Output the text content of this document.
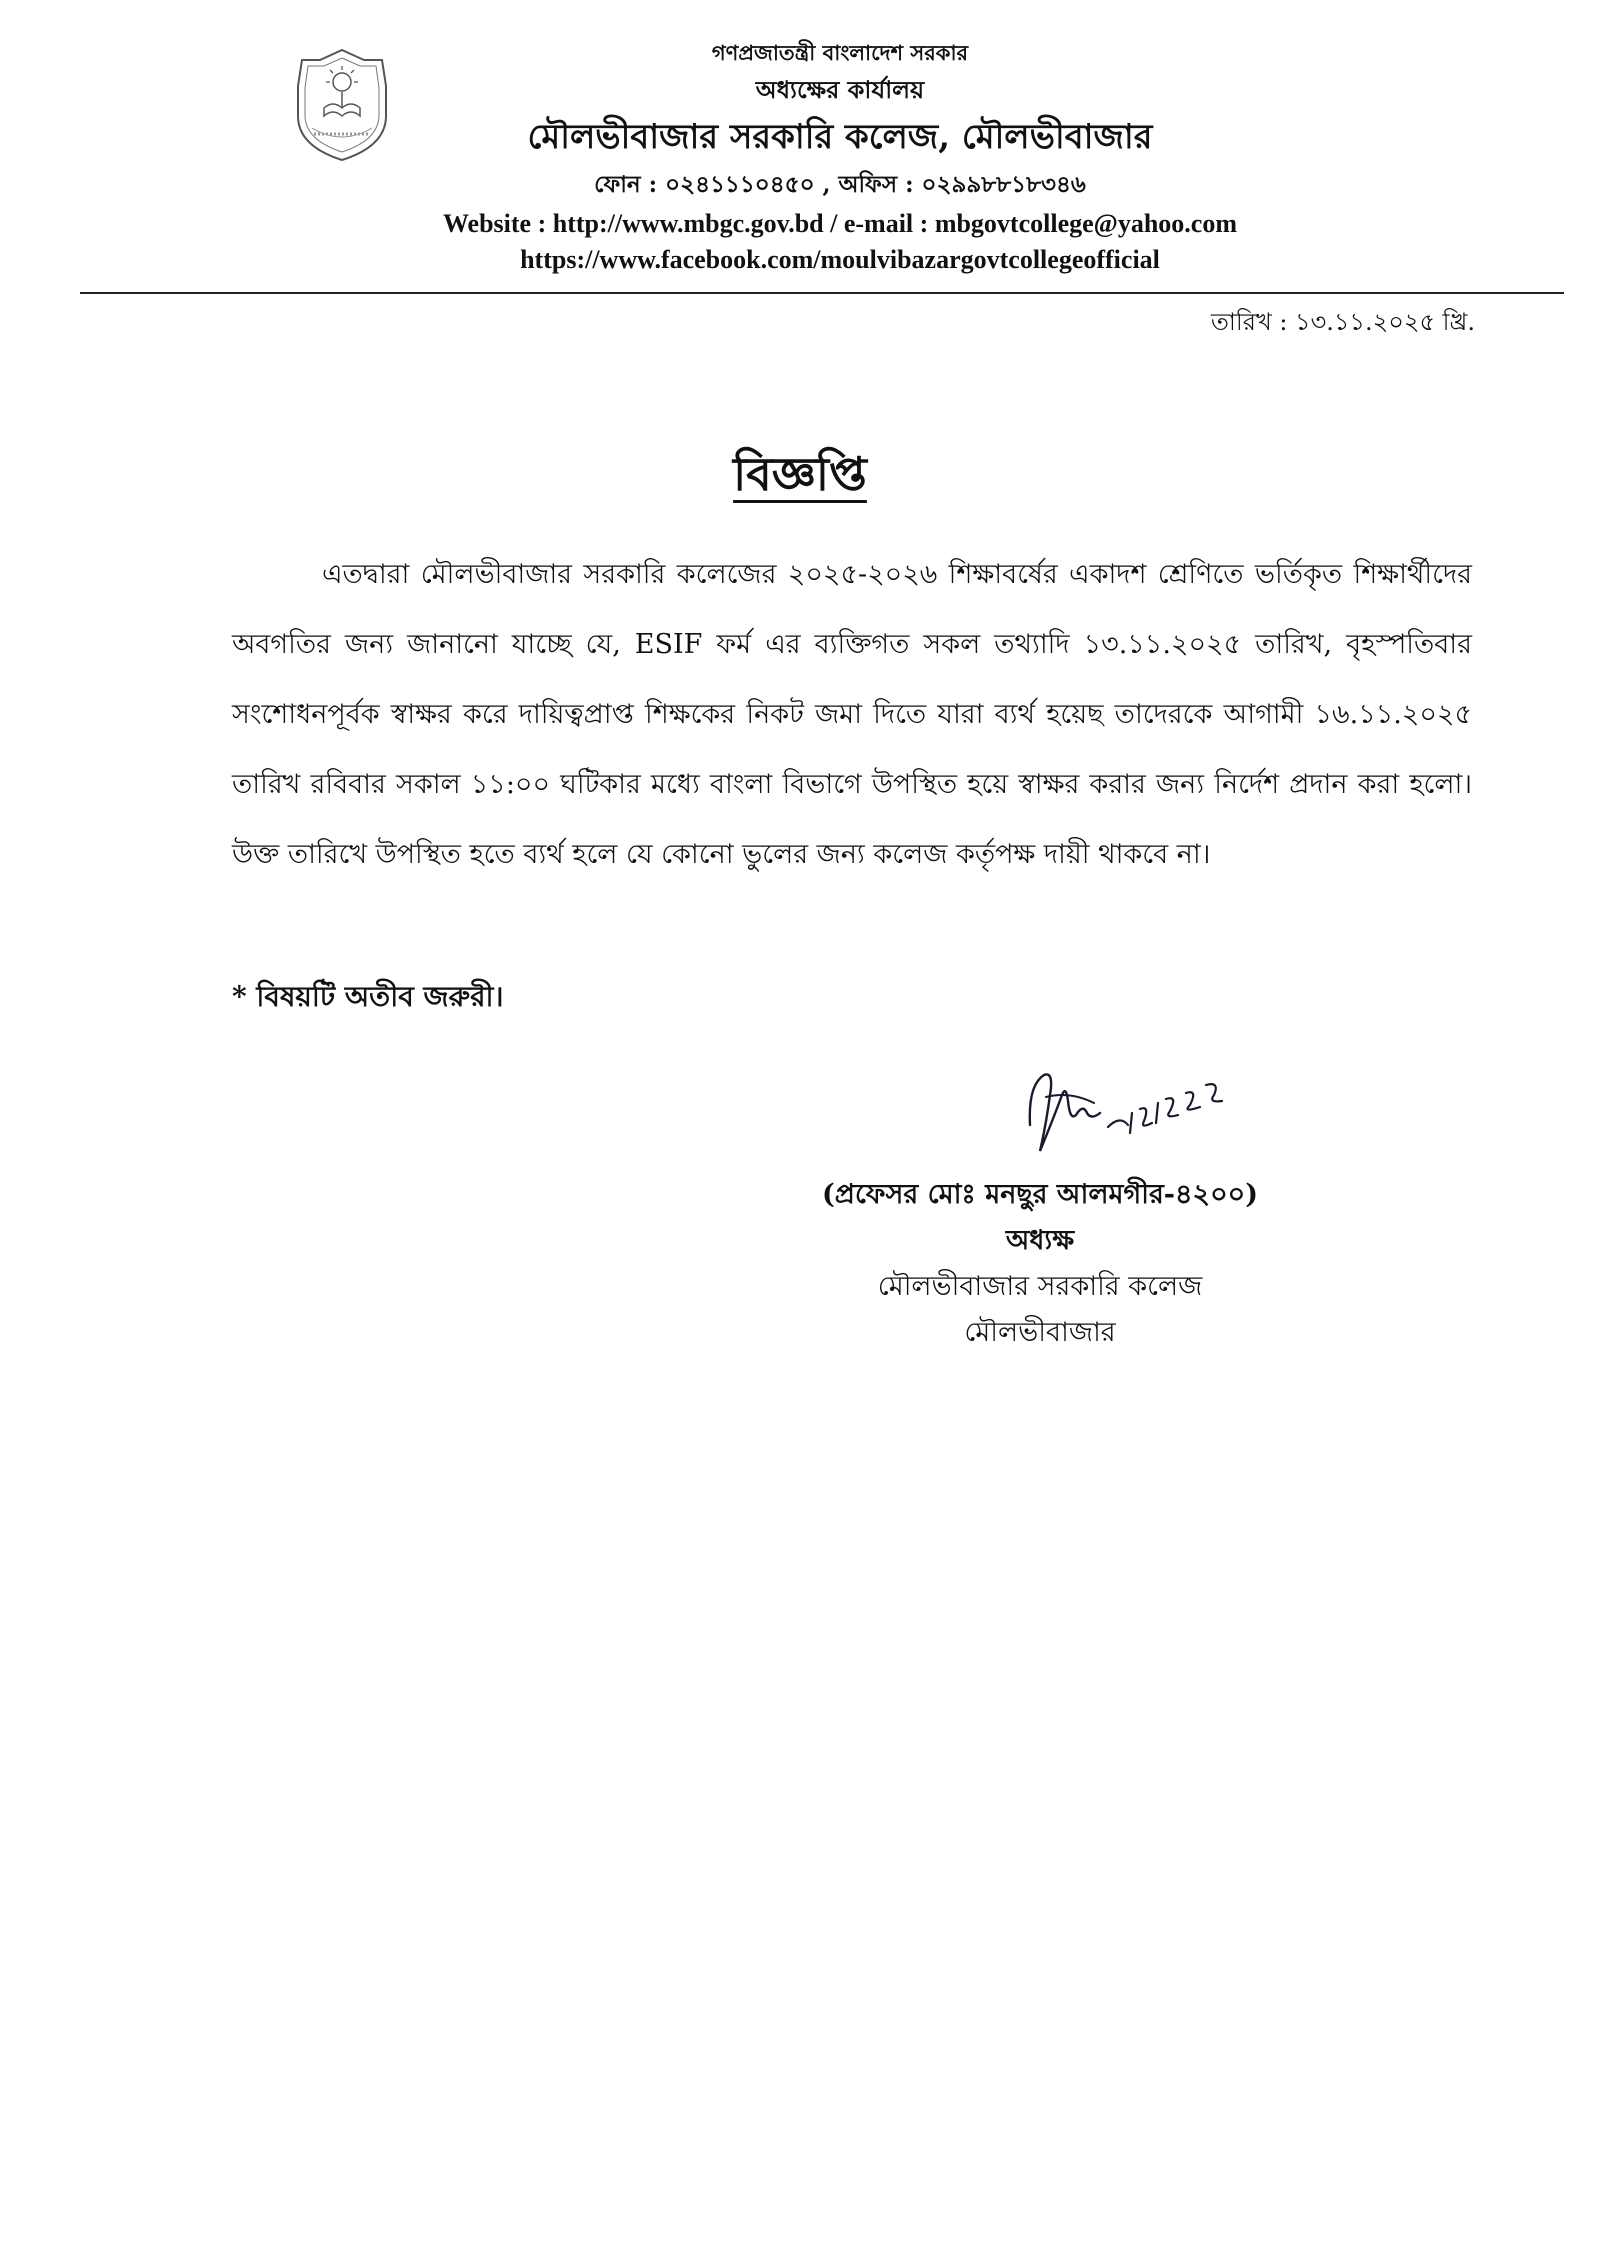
গণপ্রজাতন্ত্রী বাংলাদেশ সরকার
অধ্যক্ষের কার্যালয়
মৌলভীবাজার সরকারি কলেজ, মৌলভীবাজার
ফোন : ০২৪১১১০৪৫০ , অফিস : ০২৯৯৮৮১৮৩৪৬
Website : http://www.mbgc.gov.bd / e-mail : mbgovtcollege@yahoo.com
https://www.facebook.com/moulvibazargovtcollegeofficial
তারিখ : ১৩.১১.২০২৫ খ্রি.
বিজ্ঞপ্তি

এতদ্বারা মৌলভীবাজার সরকারি কলেজের ২০২৫-২০২৬ শিক্ষাবর্ষের একাদশ শ্রেণিতে ভর্তিকৃত শিক্ষার্থীদের অবগতির জন্য জানানো যাচ্ছে যে, ESIF ফর্ম এর ব্যক্তিগত সকল তথ্যাদি ১৩.১১.২০২৫ তারিখ, বৃহস্পতিবার সংশোধনপূর্বক স্বাক্ষর করে দায়িত্বপ্রাপ্ত শিক্ষকের নিকট জমা দিতে যারা ব্যর্থ হয়েছ তাদেরকে আগামী ১৬.১১.২০২৫ তারিখ রবিবার সকাল ১১:০০ ঘটিকার মধ্যে বাংলা বিভাগে উপস্থিত হয়ে স্বাক্ষর করার জন্য নির্দেশ প্রদান করা হলো। উক্ত তারিখে উপস্থিত হতে ব্যর্থ হলে যে কোনো ভুলের জন্য কলেজ কর্তৃপক্ষ দায়ী থাকবে না।

* বিষয়টি অতীব জরুরী।
(প্রফেসর মোঃ মনছুর আলমগীর-৪২০০)
অধ্যক্ষ
মৌলভীবাজার সরকারি কলেজ
মৌলভীবাজার
